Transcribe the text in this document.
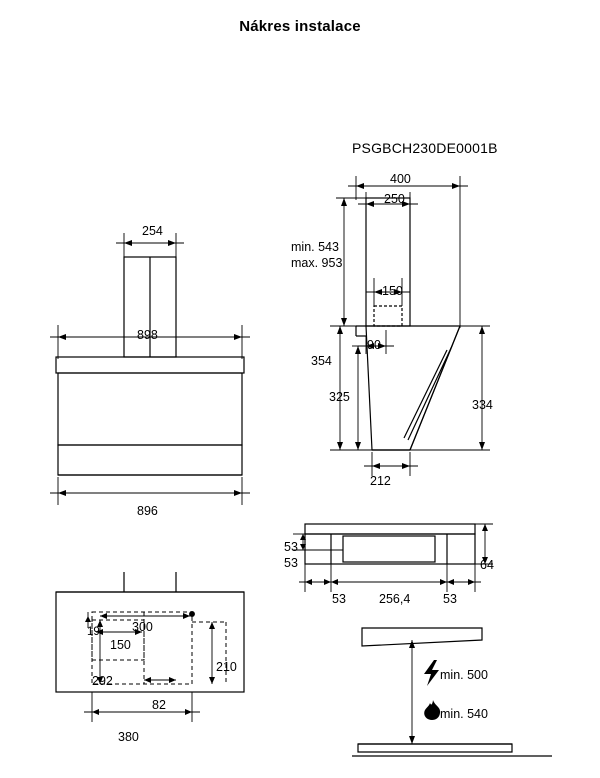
Nákres instalace
PSGBCH230DE0001B
254
898
896
400
250
min. 543
max. 953
150
90
354
325
334
212
53
53	64
53	256,4	53
19	300
150
210
292
82
380
min. 500
min. 540
